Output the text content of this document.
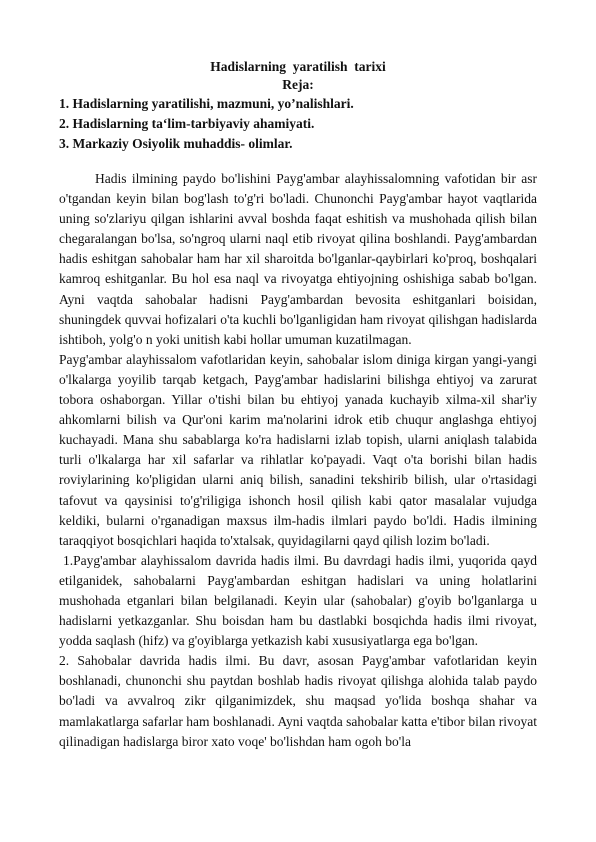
Hadislarning  yaratilish  tarixi
Reja:
1. Hadislarning yaratilishi, mazmuni, yo’nalishlari.
2. Hadislarning ta‘lim-tarbiyaviy ahamiyati.
3. Markaziy Osiyolik muhaddis- olimlar.

Hadis ilmining paydo bo'lishini Payg'ambar alayhissalomning vafotidan bir asr o'tgandan keyin bilan bog'lash to'g'ri bo'ladi. Chunonchi Payg'ambar hayot vaqtlarida uning so'zlariyu qilgan ishlarini avval boshda faqat eshitish va mushohada qilish bilan chegaralangan bo'lsa, so'ngroq ularni naql etib rivoyat qilina boshlandi. Payg'ambardan hadis eshitgan sahobalar ham har xil sharoitda bo'lganlar-qaybirlari ko'proq, boshqalari kamroq eshitganlar. Bu hol esa naql va rivoyatga ehtiyojning oshishiga sabab bo'lgan. Ayni vaqtda sahobalar hadisni Payg'ambardan bevosita eshitganlari boisidan, shuningdek quvvai hofizalari o'ta kuchli bo'lganligidan ham rivoyat qilishgan hadislarda ishtiboh, yolg'o n yoki unitish kabi hollar umuman kuzatilmagan.

Payg'ambar alayhissalom vafotlaridan keyin, sahobalar islom diniga kirgan yangi-yangi o'lkalarga yoyilib tarqab ketgach, Payg'ambar hadislarini bilishga ehtiyoj va zarurat tobora oshaborgan. Yillar o'tishi bilan bu ehtiyoj yanada kuchayib xilma-xil shar'iy ahkomlarni bilish va Qur'oni karim ma'nolarini idrok etib chuqur anglashga ehtiyoj kuchayadi. Mana shu sabablarga ko'ra hadislarni izlab topish, ularni aniqlash talabida turli o'lkalarga har xil safarlar va rihlatlar ko'payadi. Vaqt o'ta borishi bilan hadis roviylarining ko'pligidan ularni aniq bilish, sanadini tekshirib bilish, ular o'rtasidagi tafovut va qaysinisi to'g'riligiga ishonch hosil qilish kabi qator masalalar vujudga keldiki, bularni o'rganadigan maxsus ilm-hadis ilmlari paydo bo'ldi. Hadis ilmining taraqqiyot bosqichlari haqida to'xtalsak, quyidagilarni qayd qilish lozim bo'ladi.

1.Payg'ambar alayhissalom davrida hadis ilmi. Bu davrdagi hadis ilmi, yuqorida qayd etilganidek, sahobalarni Payg'ambardan eshitgan hadislari va uning holatlarini mushohada etganlari bilan belgilanadi. Keyin ular (sahobalar) g'oyib bo'lganlarga u hadislarni yetkazganlar. Shu boisdan ham bu dastlabki bosqichda hadis ilmi rivoyat, yodda saqlash (hifz) va g'oyiblarga yetkazish kabi xususiyatlarga ega bo'lgan.

2. Sahobalar davrida hadis ilmi. Bu davr, asosan Payg'ambar vafotlaridan keyin boshlanadi, chunonchi shu paytdan boshlab hadis rivoyat qilishga alohida talab paydo bo'ladi va avvalroq zikr qilganimizdek, shu maqsad yo'lida boshqa shahar va mamlakatlarga safarlar ham boshlanadi. Ayni vaqtda sahobalar katta e'tibor bilan rivoyat qilinadigan hadislarga biror xato voqe' bo'lishdan ham ogoh bo'la
